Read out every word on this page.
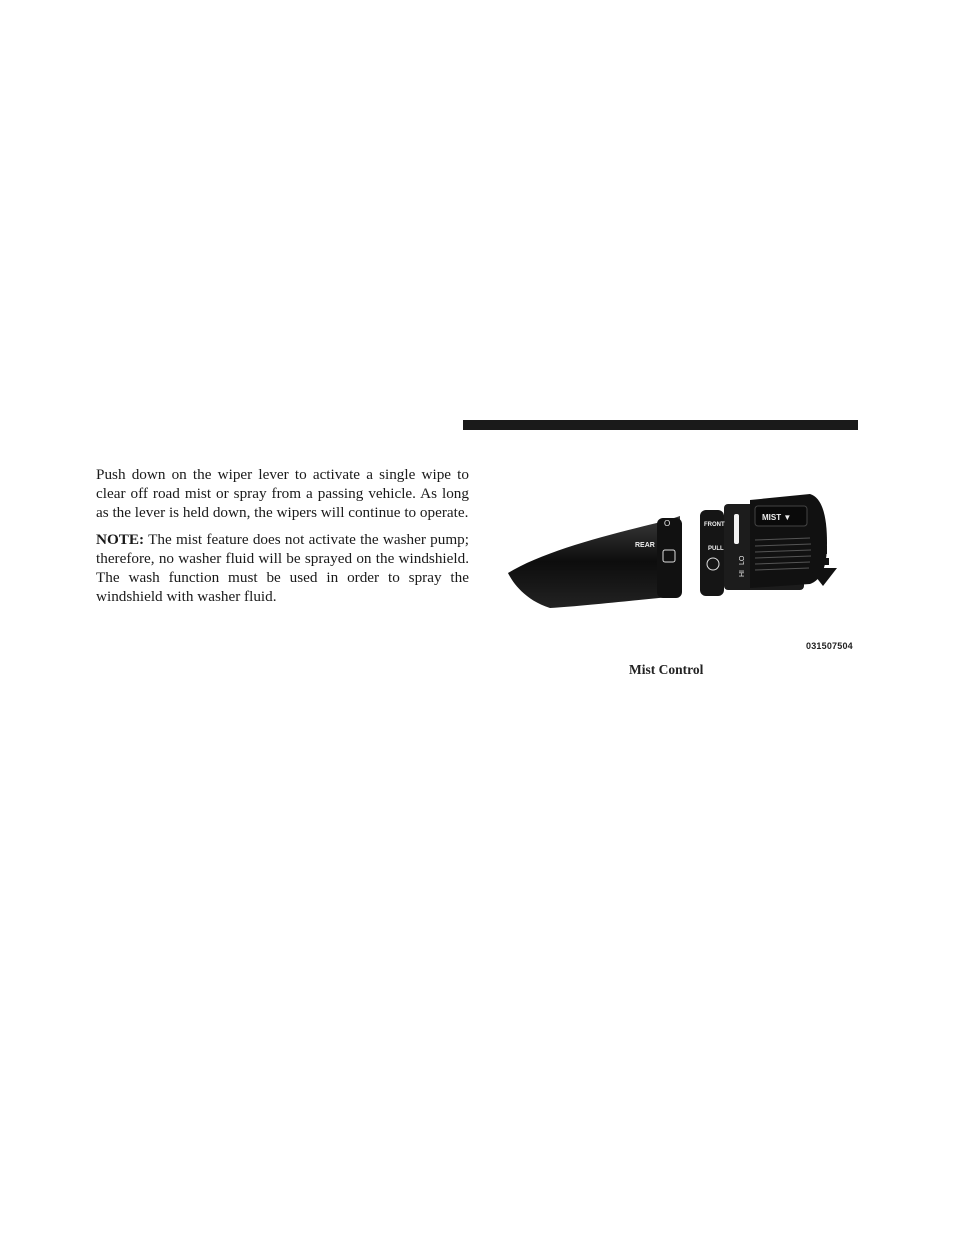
Push down on the wiper lever to activate a single wipe to clear off road mist or spray from a passing vehicle. As long as the lever is held down, the wipers will continue to operate.

NOTE: The mist feature does not activate the washer pump; therefore, no washer fluid will be sprayed on the windshield. The wash function must be used in order to spray the windshield with washer fluid.

MIST ▼
REAR
FRONT
PULL
LO
HI
O
031507504
Mist Control
